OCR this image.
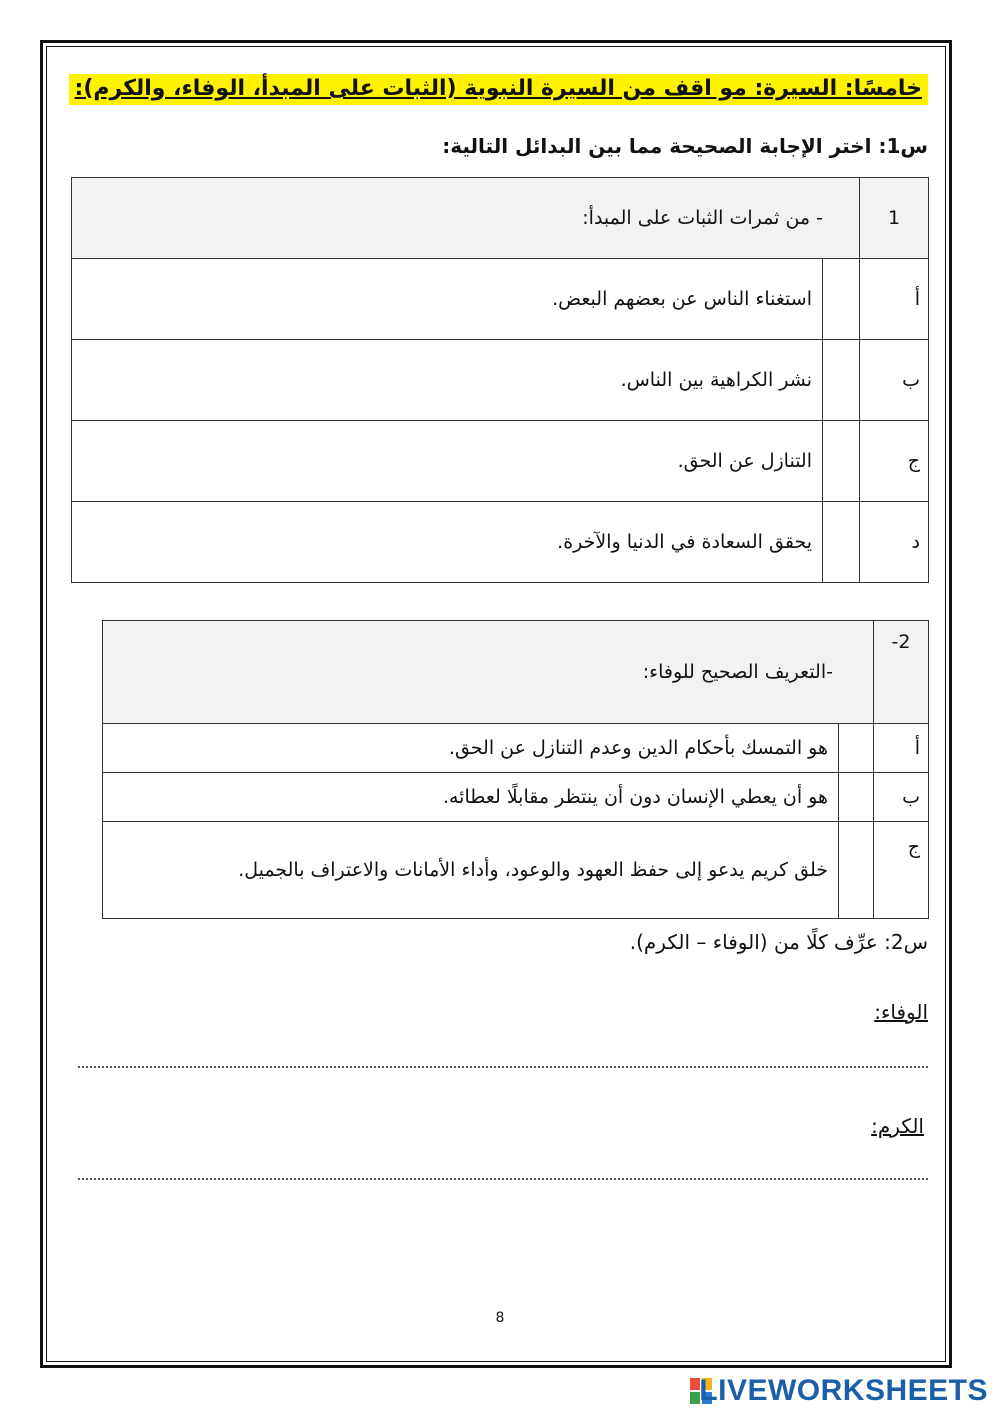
خامسًا: السيرة: مو اقف من السيرة النبوية (الثبات على المبدأ، الوفاء، والكرم):
س1: اختر الإجابة الصحيحة مما بين البدائل التالية:
1	- من ثمرات الثبات على المبدأ:	
أ		استغناء الناس عن بعضهم البعض.
ب		نشر الكراهية بين الناس.
ج		التنازل عن الحق.
د		يحقق السعادة في الدنيا والآخرة.
2-	-التعريف الصحيح للوفاء:	
أ		هو التمسك بأحكام الدين وعدم التنازل عن الحق.
ب		هو أن يعطي الإنسان دون أن ينتظر مقابلًا لعطائه.
ج		خلق كريم يدعو إلى حفظ العهود والوعود، وأداء الأمانات والاعتراف بالجميل.
س2: عرِّف كلًا من (الوفاء – الكرم).
الوفاء:
الكرم:
8
LIVEWORKSHEETS
